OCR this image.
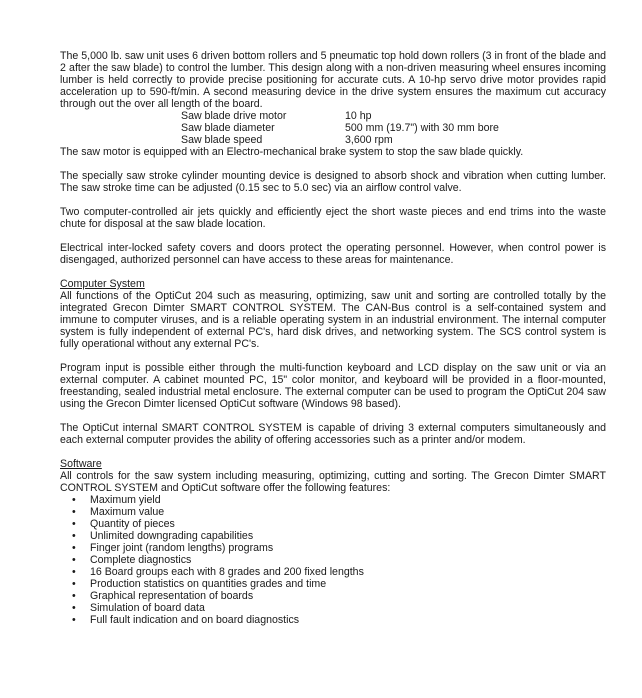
The 5,000 lb. saw unit uses 6 driven bottom rollers and 5 pneumatic top hold down rollers (3 in front of the blade and 2 after the saw blade) to control the lumber. This design along with a non-driven measuring wheel ensures incoming lumber is held correctly to provide precise positioning for accurate cuts. A 10-hp servo drive motor provides rapid acceleration up to 590-ft/min. A second measuring device in the drive system ensures the maximum cut accuracy through out the over all length of the board.

Saw blade drive motor	10 hp
Saw blade diameter	500 mm (19.7") with 30 mm bore
Saw blade speed	3,600 rpm

The saw motor is equipped with an Electro-mechanical brake system to stop the saw blade quickly.

The specially saw stroke cylinder mounting device is designed to absorb shock and vibration when cutting lumber. The saw stroke time can be adjusted (0.15 sec to 5.0 sec) via an airflow control valve.

Two computer-controlled air jets quickly and efficiently eject the short waste pieces and end trims into the waste chute for disposal at the saw blade location.

Electrical inter-locked safety covers and doors protect the operating personnel. However, when control power is disengaged, authorized personnel can have access to these areas for maintenance.

Computer System

All functions of the OptiCut 204 such as measuring, optimizing, saw unit and sorting are controlled totally by the integrated Grecon Dimter SMART CONTROL SYSTEM. The CAN-Bus control is a self-contained system and immune to computer viruses, and is a reliable operating system in an industrial environment. The internal computer system is fully independent of external PC's, hard disk drives, and networking system. The SCS control system is fully operational without any external PC's.

Program input is possible either through the multi-function keyboard and LCD display on the saw unit or via an external computer. A cabinet mounted PC, 15" color monitor, and keyboard will be provided in a floor-mounted, freestanding, sealed industrial metal enclosure. The external computer can be used to program the OptiCut 204 saw using the Grecon Dimter licensed OptiCut software (Windows 98 based).

The OptiCut internal SMART CONTROL SYSTEM is capable of driving 3 external computers simultaneously and each external computer provides the ability of offering accessories such as a printer and/or modem.

Software

All controls for the saw system including measuring, optimizing, cutting and sorting. The Grecon Dimter SMART CONTROL SYSTEM and OptiCut software offer the following features:

• Maximum yield
• Maximum value
• Quantity of pieces
• Unlimited downgrading capabilities
• Finger joint (random lengths) programs
• Complete diagnostics
• 16 Board groups each with 8 grades and 200 fixed lengths
• Production statistics on quantities grades and time
• Graphical representation of boards
• Simulation of board data
• Full fault indication and on board diagnostics
